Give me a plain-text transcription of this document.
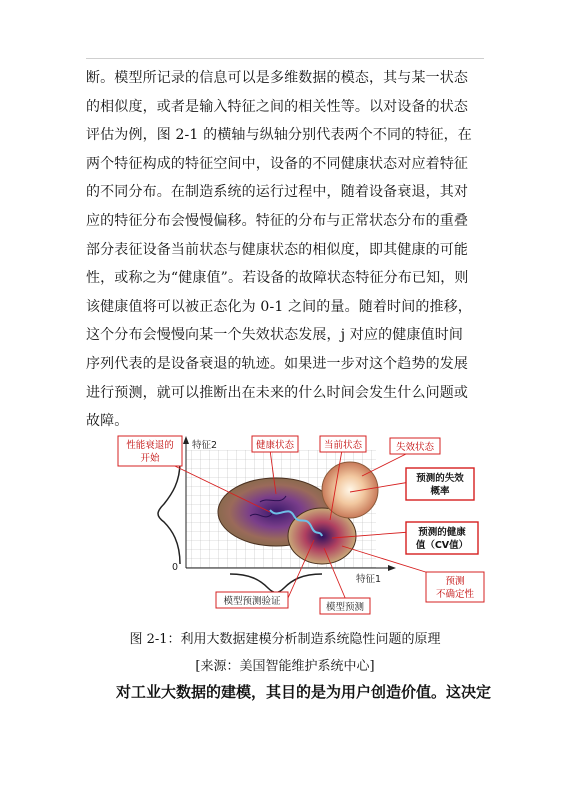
断。模型所记录的信息可以是多维数据的模态，其与某一状态
的相似度，或者是输入特征之间的相关性等。以对设备的状态
评估为例，图 2-1 的横轴与纵轴分别代表两个不同的特征，在
两个特征构成的特征空间中，设备的不同健康状态对应着特征
的不同分布。在制造系统的运行过程中，随着设备衰退，其对
应的特征分布会慢慢偏移。特征的分布与正常状态分布的重叠
部分表征设备当前状态与健康状态的相似度，即其健康的可能
性，或称之为“健康值”。若设备的故障状态特征分布已知，则
该健康值将可以被正态化为 0-1 之间的量。随着时间的推移，
这个分布会慢慢向某一个失效状态发展，j 对应的健康值时间
序列代表的是设备衰退的轨迹。如果进一步对这个趋势的发展
进行预测，就可以推断出在未来的什么时间会发生什么问题或
故障。
性能衰退的
开始
特征2	健康状态	当前状态	失效状态
预测的失效
概率
预测的健康
值（CV值）
0
特征1	预测
不确定性
模型预测验证
模型预测
图 2-1：利用大数据建模分析制造系统隐性问题的原理
[来源：美国智能维护系统中心]
对工业大数据的建模，其目的是为用户创造价值。这决定
